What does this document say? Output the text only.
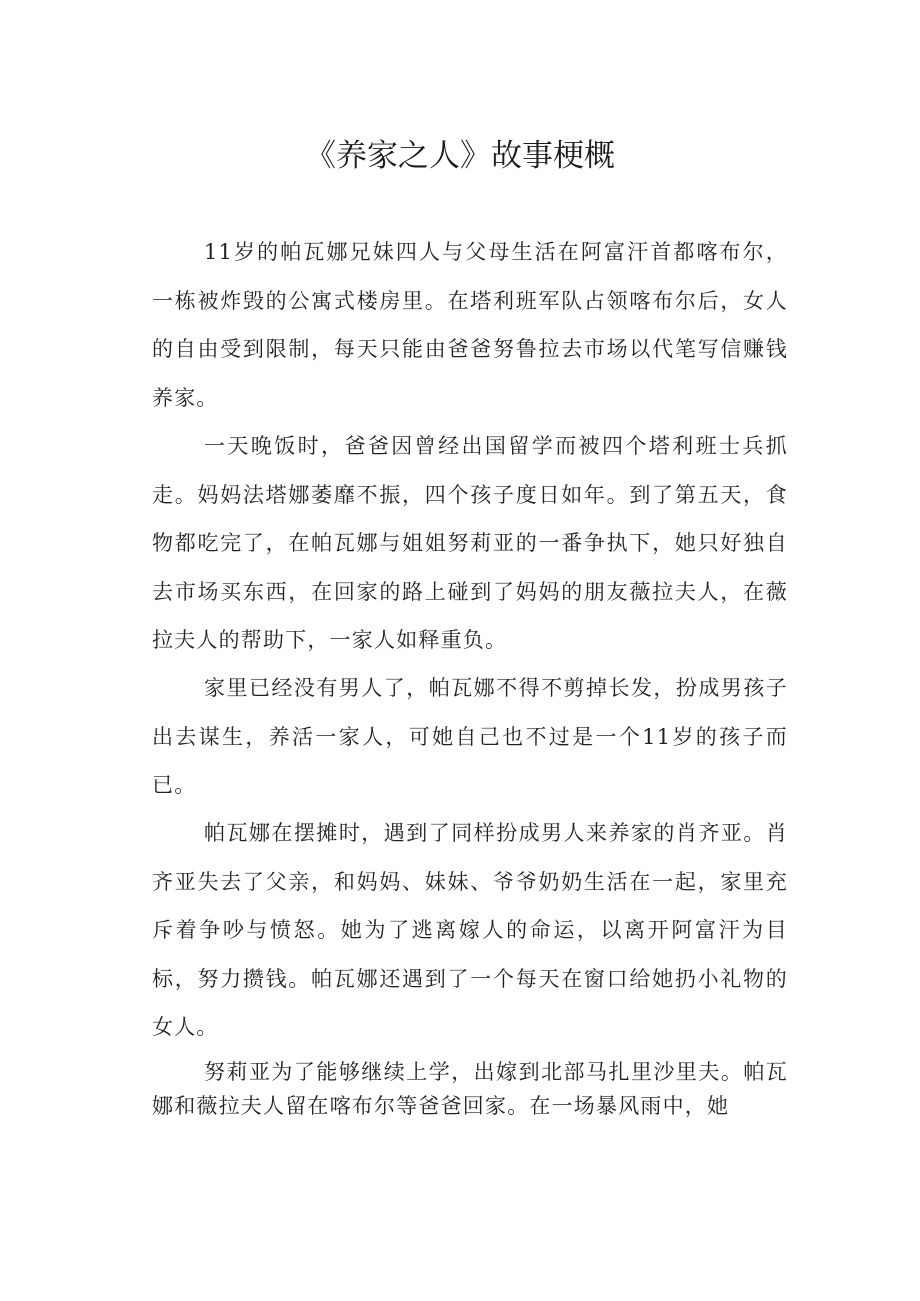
《养家之人》故事梗概

11岁的帕瓦娜兄妹四人与父母生活在阿富汗首都喀布尔，一栋被炸毁的公寓式楼房里。在塔利班军队占领喀布尔后，女人的自由受到限制，每天只能由爸爸努鲁拉去市场以代笔写信赚钱养家。

一天晚饭时，爸爸因曾经出国留学而被四个塔利班士兵抓走。妈妈法塔娜萎靡不振，四个孩子度日如年。到了第五天，食物都吃完了，在帕瓦娜与姐姐努莉亚的一番争执下，她只好独自去市场买东西，在回家的路上碰到了妈妈的朋友薇拉夫人，在薇拉夫人的帮助下，一家人如释重负。

家里已经没有男人了，帕瓦娜不得不剪掉长发，扮成男孩子出去谋生，养活一家人，可她自己也不过是一个11岁的孩子而已。

帕瓦娜在摆摊时，遇到了同样扮成男人来养家的肖齐亚。肖齐亚失去了父亲，和妈妈、妹妹、爷爷奶奶生活在一起，家里充斥着争吵与愤怒。她为了逃离嫁人的命运，以离开阿富汗为目标，努力攒钱。帕瓦娜还遇到了一个每天在窗口给她扔小礼物的女人。

努莉亚为了能够继续上学，出嫁到北部马扎里沙里夫。帕瓦娜和薇拉夫人留在喀布尔等爸爸回家。在一场暴风雨中，她
